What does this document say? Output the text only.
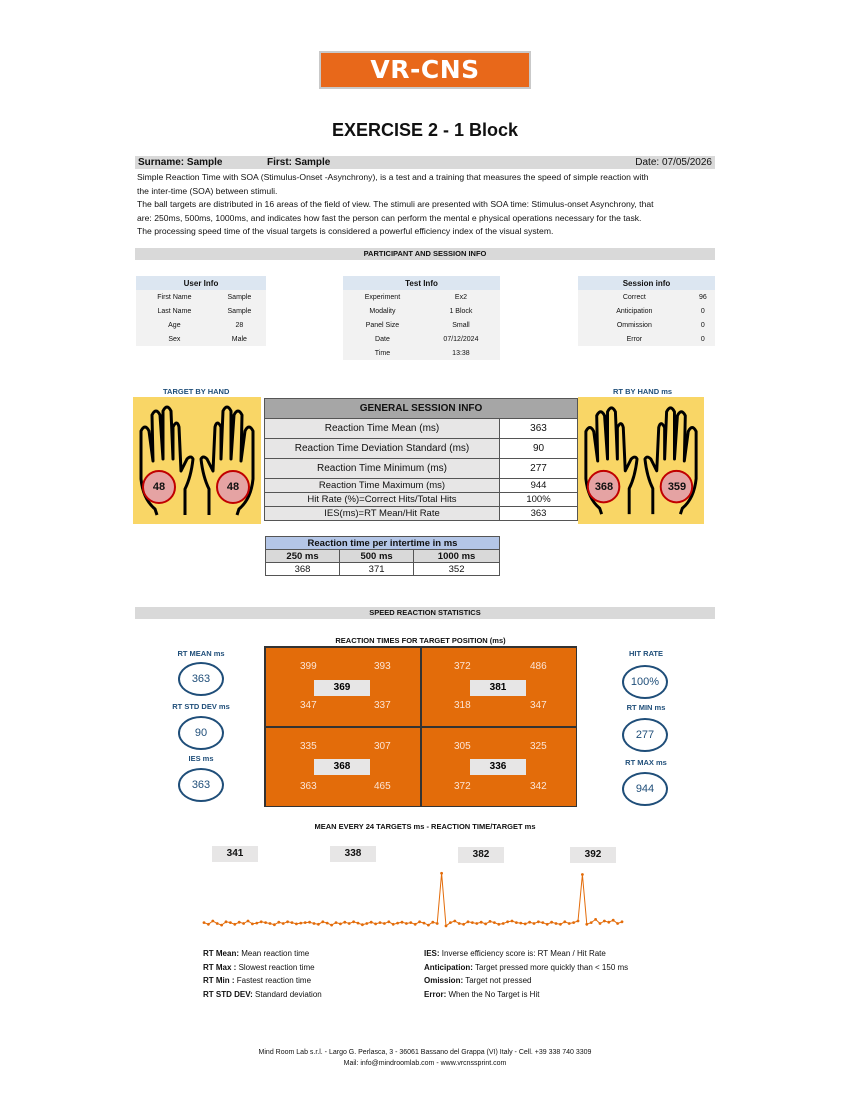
VR-CNS SPRINT
EXERCISE 2 - 1 Block
Surname: Sample	First: Sample	Date: 07/05/2026

Simple Reaction Time with SOA (Stimulus-Onset -Asynchrony), is a test and a training that measures the speed of simple reaction with

the inter-time (SOA) between stimuli.

The ball targets are distributed in 16 areas of the field of view. The stimuli are presented with SOA time: Stimulus-onset Asynchrony, that

are: 250ms, 500ms, 1000ms, and indicates how fast the person can perform the mental e physical operations necessary for the task.

The processing speed time of the visual targets is considered a powerful efficiency index of the visual system.

PARTICIPANT AND SESSION INFO
User Info	
First Name	Sample
Last Name	Sample
Age	28
Sex	Male
Test Info	
Experiment	Ex2
Modality	1 Block
Panel Size	Small
Date	07/12/2024
Time	13:38
Session info	
Correct	96
Anticipation	0
Ommission	0
Error	0
TARGET BY HAND	RT BY HAND ms
48	48	368	359
GENERAL SESSION INFO	
Reaction Time Mean (ms)	363
Reaction Time Deviation Standard (ms)	90
Reaction Time Minimum (ms)	277
Reaction Time Maximum (ms)	944
Hit Rate (%)=Correct Hits/Total Hits	100%
IES(ms)=RT Mean/Hit Rate	363
Reaction time per intertime in ms		
250 ms	500 ms	1000 ms
368	371	352
SPEED REACTION STATISTICS
REACTION TIMES FOR TARGET POSITION (ms)
RT MEAN ms
363
RT STD DEV ms
90
IES ms
363
HIT RATE
100%
RT MIN ms
277
RT MAX ms
944
399	393
347	337
369
372	486
318	347
381
335	307
363	465
368
305	325
372	342
336
MEAN EVERY 24 TARGETS ms - REACTION TIME/TARGET ms
341	338	382	392
RT Mean: Mean reaction time
RT Max : Slowest reaction time
RT Min : Fastest reaction time
RT STD DEV: Standard deviation
IES: Inverse efficiency score is: RT Mean / Hit Rate
Anticipation: Target pressed more quickly than < 150 ms
Omission: Target not pressed
Error: When the No Target is Hit
Mind Room Lab s.r.l. - Largo G. Perlasca, 3 - 36061 Bassano del Grappa (VI) Italy - Cell. +39 338 740 3309
Mail: info@mindroomlab.com - www.vrcnssprint.com
